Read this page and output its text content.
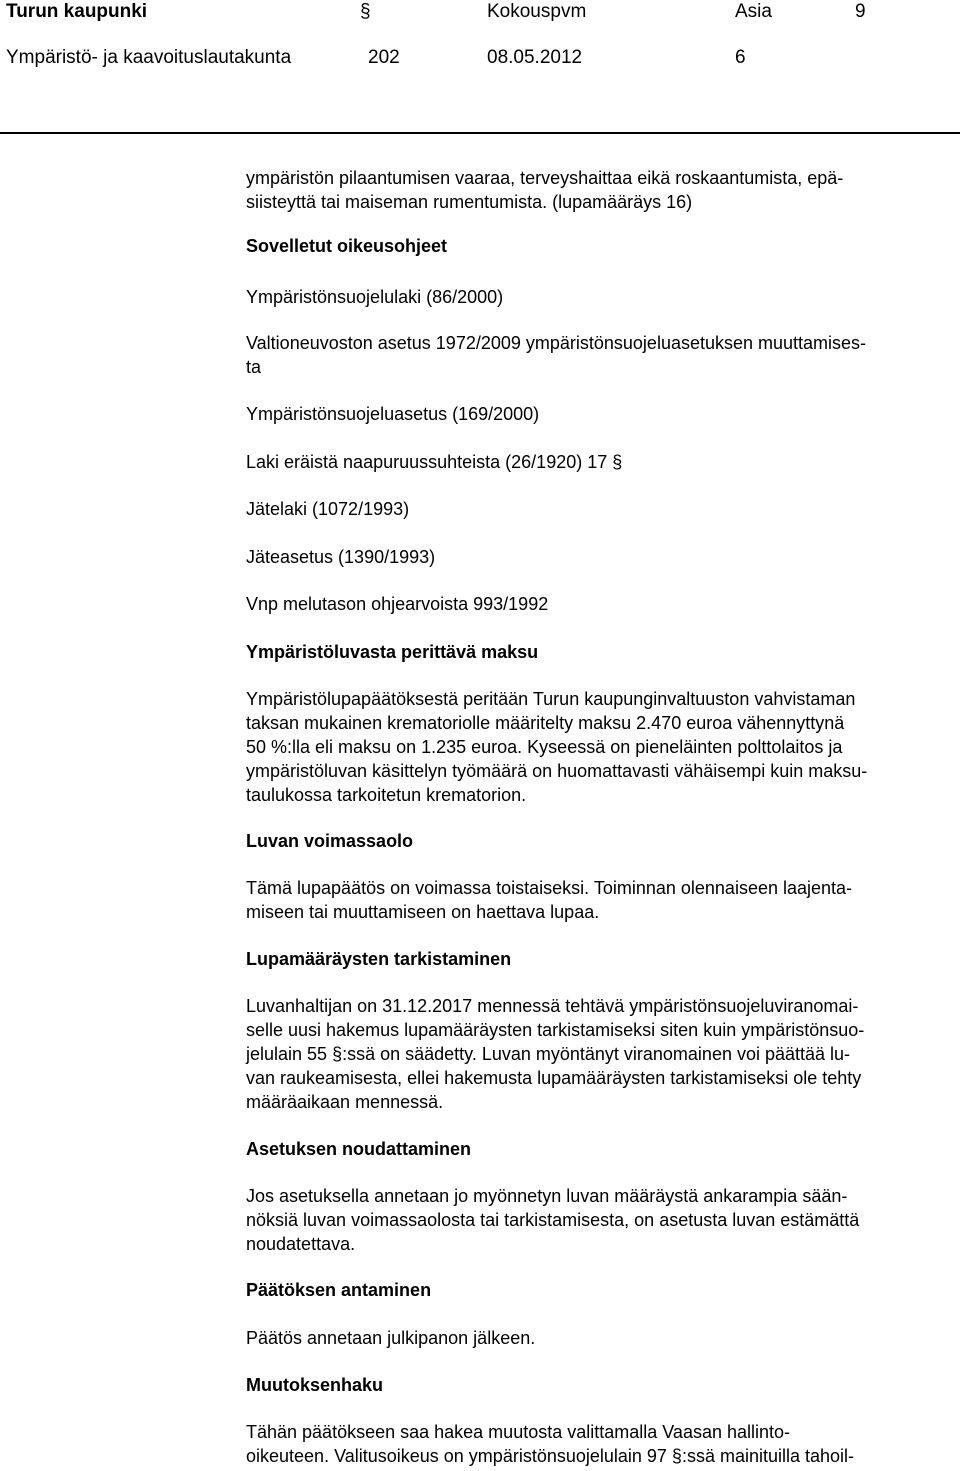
Turun kaupunki	§	Kokouspvm	Asia	9
Ympäristö- ja kaavoituslautakunta	202	08.05.2012	6
ympäristön pilaantumisen vaaraa, terveyshaittaa eikä roskaantumista, epä-
siisteyttä tai maiseman rumentumista. (lupamääräys 16)
Sovelletut oikeusohjeet
Ympäristönsuojelulaki (86/2000)
Valtioneuvoston asetus 1972/2009 ympäristönsuojeluasetuksen muuttamises-
ta
Ympäristönsuojeluasetus (169/2000)
Laki eräistä naapuruussuhteista (26/1920) 17 §
Jätelaki (1072/1993)
Jäteasetus (1390/1993)
Vnp melutason ohjearvoista 993/1992
Ympäristöluvasta perittävä maksu
Ympäristölupapäätöksestä peritään Turun kaupunginvaltuuston vahvistaman
taksan mukainen krematoriolle määritelty maksu 2.470 euroa vähennyttynä
50 %:lla eli maksu on 1.235 euroa. Kyseessä on pieneläinten polttolaitos ja
ympäristöluvan käsittelyn työmäärä on huomattavasti vähäisempi kuin maksu-
taulukossa tarkoitetun krematorion.
Luvan voimassaolo
Tämä lupapäätös on voimassa toistaiseksi. Toiminnan olennaiseen laajenta-
miseen tai muuttamiseen on haettava lupaa.
Lupamääräysten tarkistaminen
Luvanhaltijan on 31.12.2017 mennessä tehtävä ympäristönsuojeluviranomai-
selle uusi hakemus lupamääräysten tarkistamiseksi siten kuin ympäristönsuo-
jelulain 55 §:ssä on säädetty. Luvan myöntänyt viranomainen voi päättää lu-
van raukeamisesta, ellei hakemusta lupamääräysten tarkistamiseksi ole tehty
määräaikaan mennessä.
Asetuksen noudattaminen
Jos asetuksella annetaan jo myönnetyn luvan määräystä ankarampia sään-
nöksiä luvan voimassaolosta tai tarkistamisesta, on asetusta luvan estämättä
noudatettava.
Päätöksen antaminen
Päätös annetaan julkipanon jälkeen.
Muutoksenhaku
Tähän päätökseen saa hakea muutosta valittamalla Vaasan hallinto-
oikeuteen. Valitusoikeus on ympäristönsuojelulain 97 §:ssä mainituilla tahoil-
